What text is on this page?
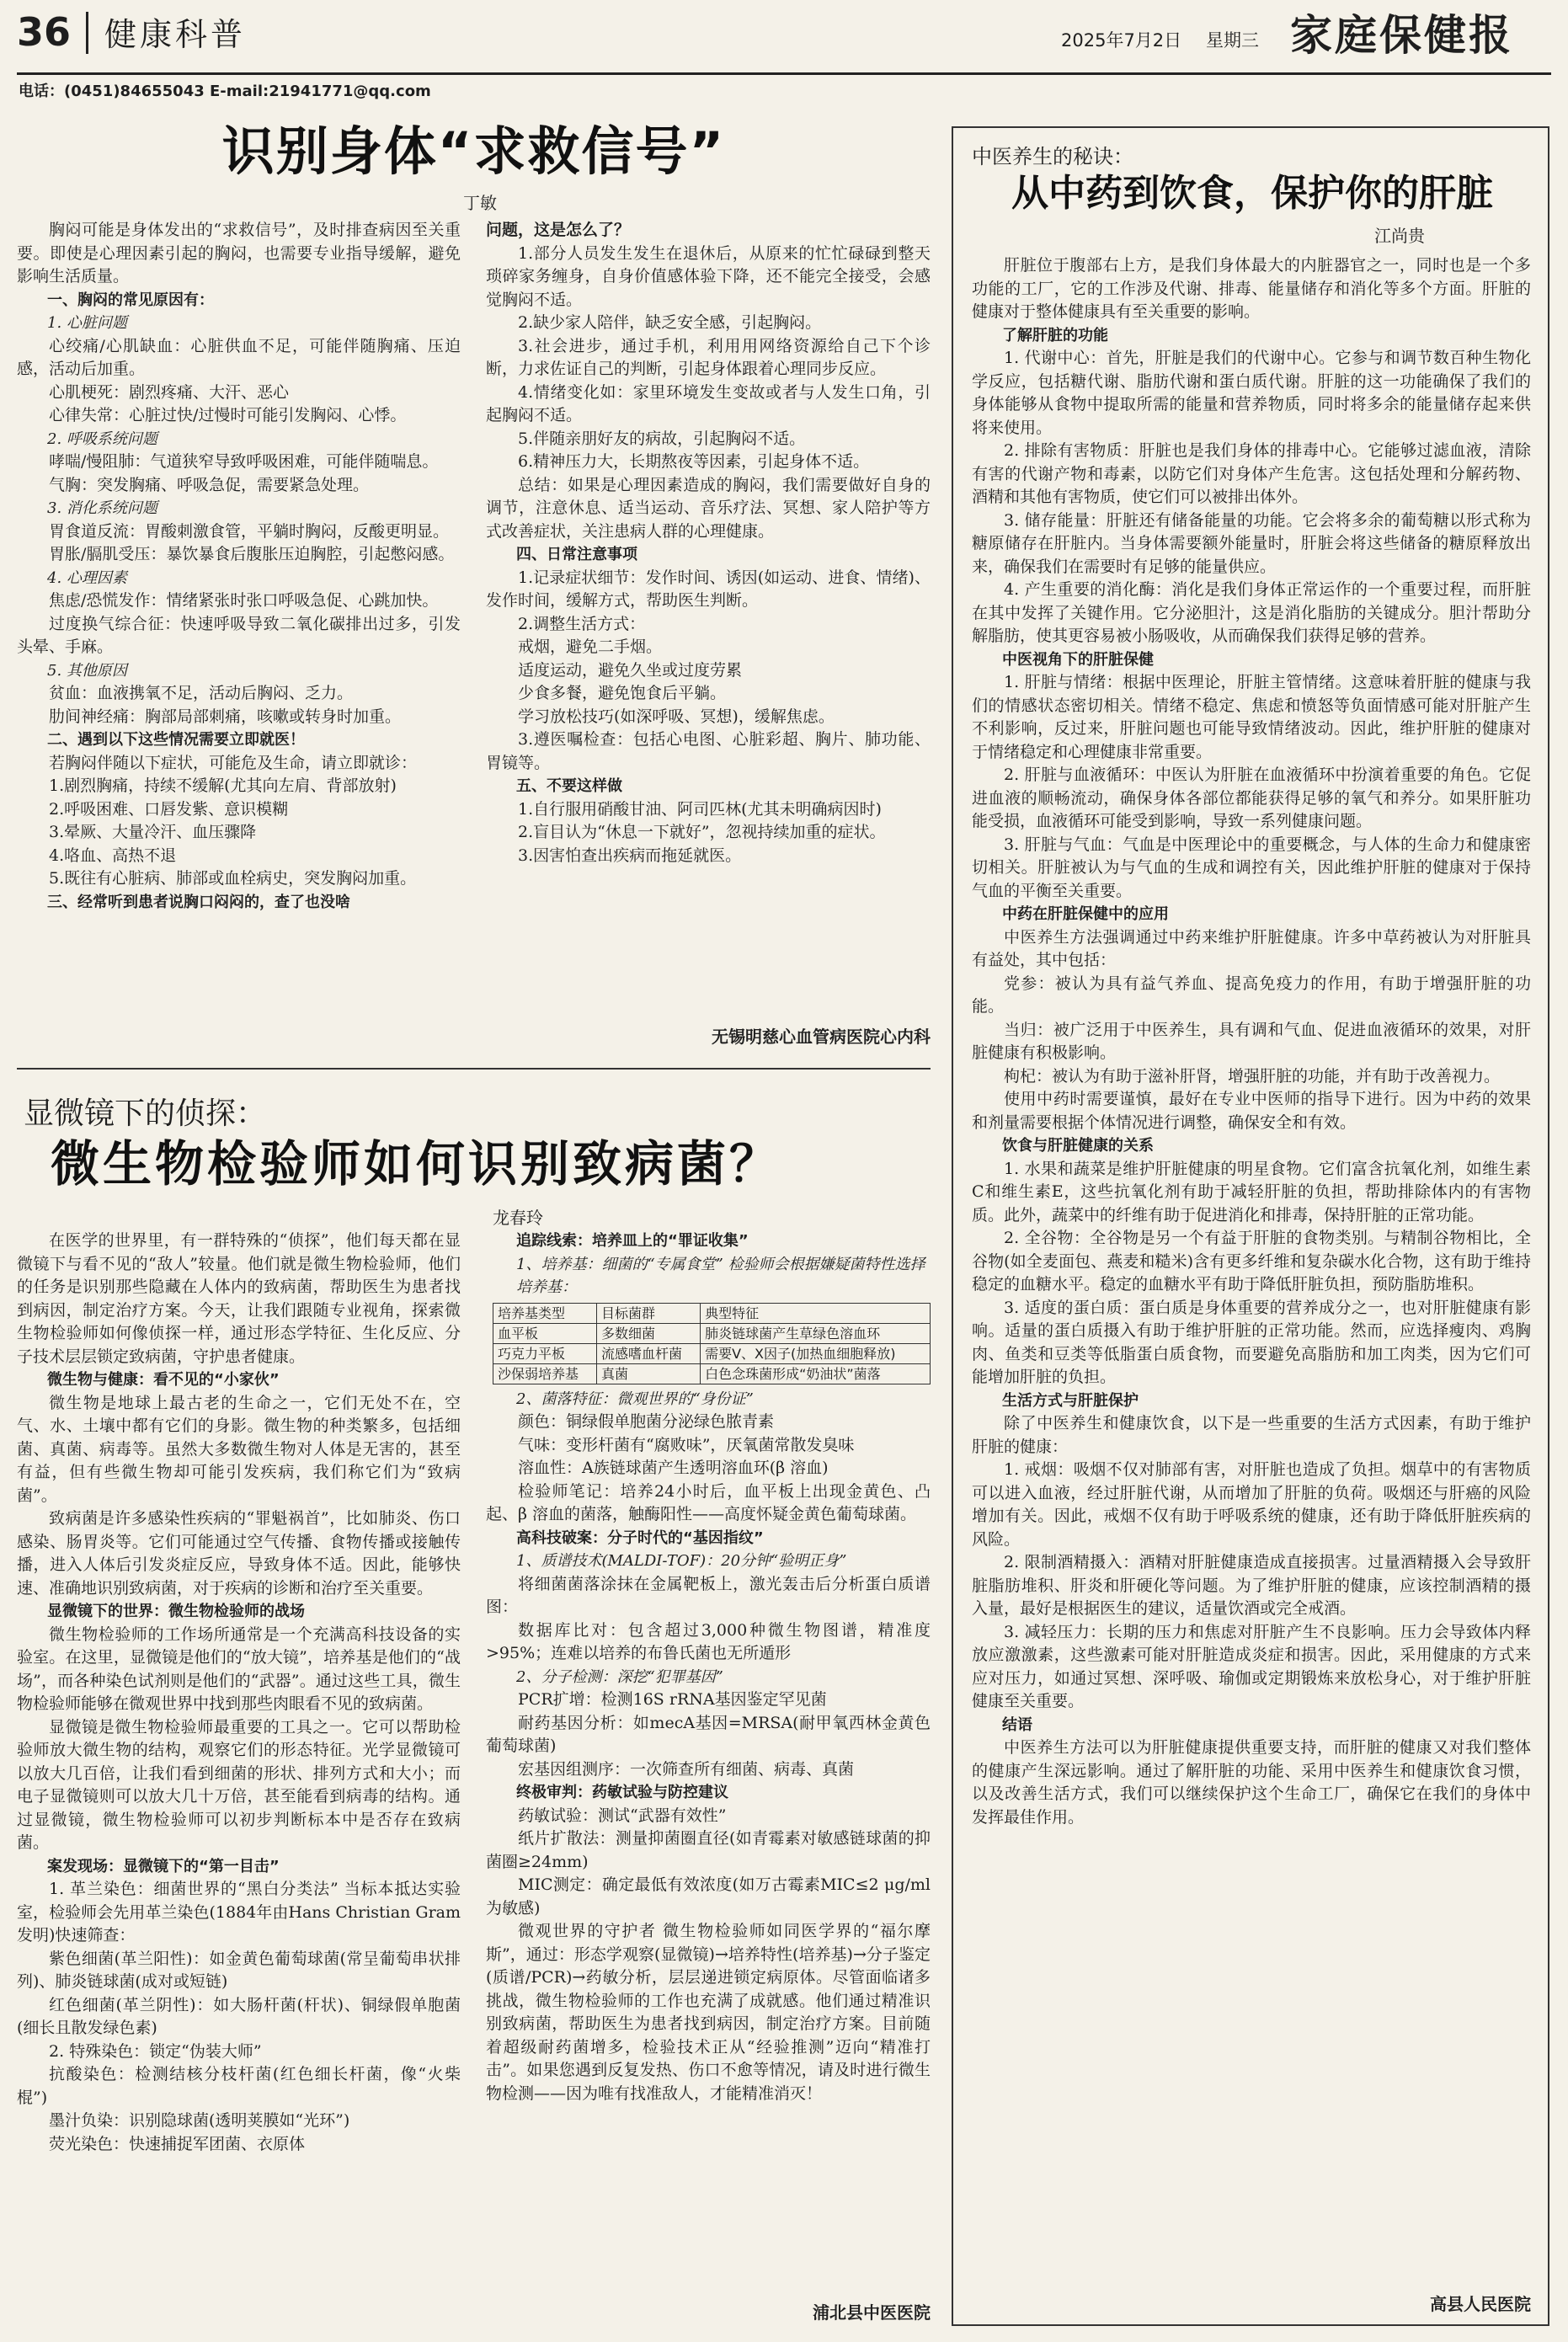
36 健康科普	2025年7月2日 星期三 家庭保健报
电话：(0451)84655043 E-mail:21941771@qq.com
识别身体“求救信号”
丁敏

胸闷可能是身体发出的“求救信号”，及时排查病因至关重要。即使是心理因素引起的胸闷，也需要专业指导缓解，避免影响生活质量。

一、胸闷的常见原因有：

1. 心脏问题

心绞痛/心肌缺血：心脏供血不足，可能伴随胸痛、压迫感，活动后加重。

心肌梗死：剧烈疼痛、大汗、恶心

心律失常：心脏过快/过慢时可能引发胸闷、心悸。

2. 呼吸系统问题

哮喘/慢阻肺：气道狭窄导致呼吸困难，可能伴随喘息。

气胸：突发胸痛、呼吸急促，需要紧急处理。

3. 消化系统问题

胃食道反流：胃酸刺激食管，平躺时胸闷，反酸更明显。

胃胀/膈肌受压：暴饮暴食后腹胀压迫胸腔，引起憋闷感。

4. 心理因素

焦虑/恐慌发作：情绪紧张时张口呼吸急促、心跳加快。

过度换气综合征：快速呼吸导致二氧化碳排出过多，引发头晕、手麻。

5. 其他原因

贫血：血液携氧不足，活动后胸闷、乏力。

肋间神经痛：胸部局部刺痛，咳嗽或转身时加重。

二、遇到以下这些情况需要立即就医！

若胸闷伴随以下症状，可能危及生命，请立即就诊：

1.剧烈胸痛，持续不缓解(尤其向左肩、背部放射)

2.呼吸困难、口唇发紫、意识模糊

3.晕厥、大量冷汗、血压骤降

4.咯血、高热不退

5.既往有心脏病、肺部或血栓病史，突发胸闷加重。

三、经常听到患者说胸口闷闷的，查了也没啥

问题，这是怎么了？

1.部分人员发生发生在退休后，从原来的忙忙碌碌到整天琐碎家务缠身，自身价值感体验下降，还不能完全接受，会感觉胸闷不适。

2.缺少家人陪伴，缺乏安全感，引起胸闷。

3.社会进步，通过手机，利用用网络资源给自己下个诊断，力求佐证自己的判断，引起身体跟着心理同步反应。

4.情绪变化如：家里环境发生变故或者与人发生口角，引起胸闷不适。

5.伴随亲朋好友的病故，引起胸闷不适。

6.精神压力大，长期熬夜等因素，引起身体不适。

总结：如果是心理因素造成的胸闷，我们需要做好自身的调节，注意休息、适当运动、音乐疗法、冥想、家人陪护等方式改善症状，关注患病人群的心理健康。

四、日常注意事项

1.记录症状细节：发作时间、诱因(如运动、进食、情绪)、发作时间，缓解方式，帮助医生判断。

2.调整生活方式：

戒烟，避免二手烟。

适度运动，避免久坐或过度劳累

少食多餐，避免饱食后平躺。

学习放松技巧(如深呼吸、冥想)，缓解焦虑。

3.遵医嘱检查：包括心电图、心脏彩超、胸片、肺功能、胃镜等。

五、不要这样做

1.自行服用硝酸甘油、阿司匹林(尤其未明确病因时)

2.盲目认为“休息一下就好”，忽视持续加重的症状。

3.因害怕查出疾病而拖延就医。

无锡明慈心血管病医院心内科
中医养生的秘诀：
从中药到饮食，保护你的肝脏
江尚贵

肝脏位于腹部右上方，是我们身体最大的内脏器官之一，同时也是一个多功能的工厂，它的工作涉及代谢、排毒、能量储存和消化等多个方面。肝脏的健康对于整体健康具有至关重要的影响。

了解肝脏的功能

1. 代谢中心：首先，肝脏是我们的代谢中心。它参与和调节数百种生物化学反应，包括糖代谢、脂肪代谢和蛋白质代谢。肝脏的这一功能确保了我们的身体能够从食物中提取所需的能量和营养物质，同时将多余的能量储存起来供将来使用。

2. 排除有害物质：肝脏也是我们身体的排毒中心。它能够过滤血液，清除有害的代谢产物和毒素，以防它们对身体产生危害。这包括处理和分解药物、酒精和其他有害物质，使它们可以被排出体外。

3. 储存能量：肝脏还有储备能量的功能。它会将多余的葡萄糖以形式称为糖原储存在肝脏内。当身体需要额外能量时，肝脏会将这些储备的糖原释放出来，确保我们在需要时有足够的能量供应。

4. 产生重要的消化酶：消化是我们身体正常运作的一个重要过程，而肝脏在其中发挥了关键作用。它分泌胆汁，这是消化脂肪的关键成分。胆汁帮助分解脂肪，使其更容易被小肠吸收，从而确保我们获得足够的营养。

中医视角下的肝脏保健

1. 肝脏与情绪：根据中医理论，肝脏主管情绪。这意味着肝脏的健康与我们的情感状态密切相关。情绪不稳定、焦虑和愤怒等负面情感可能对肝脏产生不利影响，反过来，肝脏问题也可能导致情绪波动。因此，维护肝脏的健康对于情绪稳定和心理健康非常重要。

2. 肝脏与血液循环：中医认为肝脏在血液循环中扮演着重要的角色。它促进血液的顺畅流动，确保身体各部位都能获得足够的氧气和养分。如果肝脏功能受损，血液循环可能受到影响，导致一系列健康问题。

3. 肝脏与气血：气血是中医理论中的重要概念，与人体的生命力和健康密切相关。肝脏被认为与气血的生成和调控有关，因此维护肝脏的健康对于保持气血的平衡至关重要。

中药在肝脏保健中的应用

中医养生方法强调通过中药来维护肝脏健康。许多中草药被认为对肝脏具有益处，其中包括：

党参：被认为具有益气养血、提高免疫力的作用，有助于增强肝脏的功能。

当归：被广泛用于中医养生，具有调和气血、促进血液循环的效果，对肝脏健康有积极影响。

枸杞：被认为有助于滋补肝肾，增强肝脏的功能，并有助于改善视力。

使用中药时需要谨慎，最好在专业中医师的指导下进行。因为中药的效果和剂量需要根据个体情况进行调整，确保安全和有效。

饮食与肝脏健康的关系

1. 水果和蔬菜是维护肝脏健康的明星食物。它们富含抗氧化剂，如维生素C和维生素E，这些抗氧化剂有助于减轻肝脏的负担，帮助排除体内的有害物质。此外，蔬菜中的纤维有助于促进消化和排毒，保持肝脏的正常功能。

2. 全谷物：全谷物是另一个有益于肝脏的食物类别。与精制谷物相比，全谷物(如全麦面包、燕麦和糙米)含有更多纤维和复杂碳水化合物，这有助于维持稳定的血糖水平。稳定的血糖水平有助于降低肝脏负担，预防脂肪堆积。

3. 适度的蛋白质：蛋白质是身体重要的营养成分之一，也对肝脏健康有影响。适量的蛋白质摄入有助于维护肝脏的正常功能。然而，应选择瘦肉、鸡胸肉、鱼类和豆类等低脂蛋白质食物，而要避免高脂肪和加工肉类，因为它们可能增加肝脏的负担。

生活方式与肝脏保护

除了中医养生和健康饮食，以下是一些重要的生活方式因素，有助于维护肝脏的健康：

1. 戒烟：吸烟不仅对肺部有害，对肝脏也造成了负担。烟草中的有害物质可以进入血液，经过肝脏代谢，从而增加了肝脏的负荷。吸烟还与肝癌的风险增加有关。因此，戒烟不仅有助于呼吸系统的健康，还有助于降低肝脏疾病的风险。

2. 限制酒精摄入：酒精对肝脏健康造成直接损害。过量酒精摄入会导致肝脏脂肪堆积、肝炎和肝硬化等问题。为了维护肝脏的健康，应该控制酒精的摄入量，最好是根据医生的建议，适量饮酒或完全戒酒。

3. 减轻压力：长期的压力和焦虑对肝脏产生不良影响。压力会导致体内释放应激激素，这些激素可能对肝脏造成炎症和损害。因此，采用健康的方式来应对压力，如通过冥想、深呼吸、瑜伽或定期锻炼来放松身心，对于维护肝脏健康至关重要。

结语

中医养生方法可以为肝脏健康提供重要支持，而肝脏的健康又对我们整体的健康产生深远影响。通过了解肝脏的功能、采用中医养生和健康饮食习惯，以及改善生活方式，我们可以继续保护这个生命工厂，确保它在我们的身体中发挥最佳作用。

高县人民医院
显微镜下的侦探：
微生物检验师如何识别致病菌？
龙春玲

在医学的世界里，有一群特殊的“侦探”，他们每天都在显微镜下与看不见的“敌人”较量。他们就是微生物检验师，他们的任务是识别那些隐藏在人体内的致病菌，帮助医生为患者找到病因，制定治疗方案。今天，让我们跟随专业视角，探索微生物检验师如何像侦探一样，通过形态学特征、生化反应、分子技术层层锁定致病菌，守护患者健康。

微生物与健康：看不见的“小家伙”

微生物是地球上最古老的生命之一，它们无处不在，空气、水、土壤中都有它们的身影。微生物的种类繁多，包括细菌、真菌、病毒等。虽然大多数微生物对人体是无害的，甚至有益，但有些微生物却可能引发疾病，我们称它们为“致病菌”。

致病菌是许多感染性疾病的“罪魁祸首”，比如肺炎、伤口感染、肠胃炎等。它们可能通过空气传播、食物传播或接触传播，进入人体后引发炎症反应，导致身体不适。因此，能够快速、准确地识别致病菌，对于疾病的诊断和治疗至关重要。

显微镜下的世界：微生物检验师的战场

微生物检验师的工作场所通常是一个充满高科技设备的实验室。在这里，显微镜是他们的“放大镜”，培养基是他们的“战场”，而各种染色试剂则是他们的“武器”。通过这些工具，微生物检验师能够在微观世界中找到那些肉眼看不见的致病菌。

显微镜是微生物检验师最重要的工具之一。它可以帮助检验师放大微生物的结构，观察它们的形态特征。光学显微镜可以放大几百倍，让我们看到细菌的形状、排列方式和大小；而电子显微镜则可以放大几十万倍，甚至能看到病毒的结构。通过显微镜，微生物检验师可以初步判断标本中是否存在致病菌。

案发现场：显微镜下的“第一目击”

1. 革兰染色：细菌世界的“黑白分类法” 当标本抵达实验室，检验师会先用革兰染色(1884年由Hans Christian Gram发明)快速筛查：

紫色细菌(革兰阳性)：如金黄色葡萄球菌(常呈葡萄串状排列)、肺炎链球菌(成对或短链)

红色细菌(革兰阴性)：如大肠杆菌(杆状)、铜绿假单胞菌(细长且散发绿色素)

2. 特殊染色：锁定“伪装大师”

抗酸染色：检测结核分枝杆菌(红色细长杆菌，像“火柴棍”)

墨汁负染：识别隐球菌(透明荚膜如“光环”)

荧光染色：快速捕捉军团菌、衣原体

追踪线索：培养皿上的“罪证收集”

1、培养基：细菌的“专属食堂” 检验师会根据嫌疑菌特性选择培养基：

培养基类型	目标菌群	典型特征
血平板	多数细菌	肺炎链球菌产生草绿色溶血环
巧克力平板	流感嗜血杆菌	需要Ⅴ、Ⅹ因子(加热血细胞释放)
沙保弱培养基	真菌	白色念珠菌形成“奶油状”菌落

2、菌落特征：微观世界的“身份证”

颜色：铜绿假单胞菌分泌绿色脓青素

气味：变形杆菌有“腐败味”，厌氧菌常散发臭味

溶血性：A族链球菌产生透明溶血环(β 溶血)

检验师笔记：培养24小时后，血平板上出现金黄色、凸起、β 溶血的菌落，触酶阳性——高度怀疑金黄色葡萄球菌。

高科技破案：分子时代的“基因指纹”

1、质谱技术(MALDI-TOF)：20分钟“验明正身”

将细菌菌落涂抹在金属靶板上，激光轰击后分析蛋白质谱图：

数据库比对：包含超过3,000种微生物图谱，精准度>95%；连难以培养的布鲁氏菌也无所遁形

2、分子检测：深挖“犯罪基因”

PCR扩增：检测16S rRNA基因鉴定罕见菌

耐药基因分析：如mecA基因=MRSA(耐甲氧西林金黄色葡萄球菌)

宏基因组测序：一次筛查所有细菌、病毒、真菌

终极审判：药敏试验与防控建议

药敏试验：测试“武器有效性”

纸片扩散法：测量抑菌圈直径(如青霉素对敏感链球菌的抑菌圈≥24mm)

MIC测定：确定最低有效浓度(如万古霉素MIC≤2 μg/ml为敏感)

微观世界的守护者 微生物检验师如同医学界的“福尔摩斯”，通过：形态学观察(显微镜)→培养特性(培养基)→分子鉴定(质谱/PCR)→药敏分析，层层递进锁定病原体。尽管面临诸多挑战，微生物检验师的工作也充满了成就感。他们通过精准识别致病菌，帮助医生为患者找到病因，制定治疗方案。目前随着超级耐药菌增多，检验技术正从“经验推测”迈向“精准打击”。如果您遇到反复发热、伤口不愈等情况，请及时进行微生物检测——因为唯有找准敌人，才能精准消灭！

浦北县中医医院
